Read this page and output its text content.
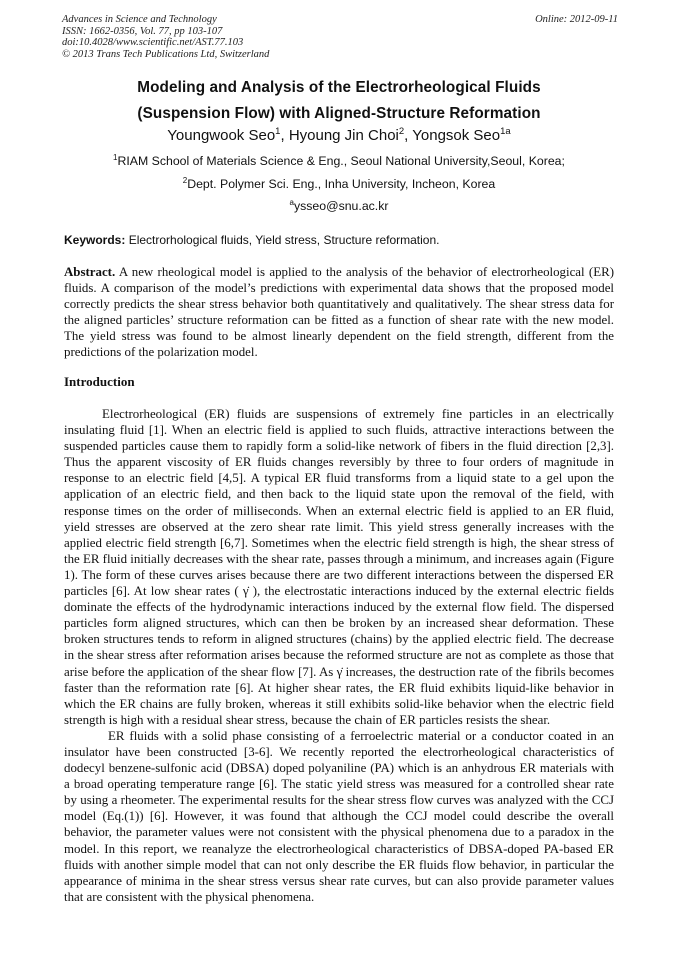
Advances in Science and Technology
ISSN: 1662-0356, Vol. 77, pp 103-107
doi:10.4028/www.scientific.net/AST.77.103
© 2013 Trans Tech Publications Ltd, Switzerland
Online: 2012-09-11
Modeling and Analysis of the Electrorheological Fluids
(Suspension Flow) with Aligned-Structure Reformation
Youngwook Seo$^1$, Hyoung Jin Choi$^2$, Yongsok Seo$^{1a}$
$^1$RIAM School of Materials Science & Eng., Seoul National University,Seoul, Korea;
$^2$Dept. Polymer Sci. Eng., Inha University, Incheon, Korea
$^a$ysseo@snu.ac.kr
Keywords: Electrorhological fluids, Yield stress, Structure reformation.
Abstract. A new rheological model is applied to the analysis of the behavior of electrorheological (ER) fluids. A comparison of the model’s predictions with experimental data shows that the proposed model correctly predicts the shear stress behavior both quantitatively and qualitatively. The shear stress data for the aligned particles’ structure reformation can be fitted as a function of shear rate with the new model. The yield stress was found to be almost linearly dependent on the field strength, different from the predictions of the polarization model.
Introduction

Electrorheological (ER) fluids are suspensions of extremely fine particles in an electrically insulating fluid [1]. When an electric field is applied to such fluids, attractive interactions between the suspended particles cause them to rapidly form a solid-like network of fibers in the fluid direction [2,3]. Thus the apparent viscosity of ER fluids changes reversibly by three to four orders of magnitude in response to an electric field [4,5]. A typical ER fluid transforms from a liquid state to a gel upon the application of an electric field, and then back to the liquid state upon the removal of the field, with response times on the order of milliseconds. When an external electric field is applied to an ER fluid, yield stresses are observed at the zero shear rate limit. This yield stress generally increases with the applied electric field strength [6,7]. Sometimes when the electric field strength is high, the shear stress of the ER fluid initially decreases with the shear rate, passes through a minimum, and increases again (Figure 1). The form of these curves arises because there are two different interactions between the dispersed ER particles [6]. At low shear rates ( γ̇ ), the electrostatic interactions induced by the external electric fields dominate the effects of the hydrodynamic interactions induced by the external flow field. The dispersed particles form aligned structures, which can then be broken by an increased shear deformation. These broken structures tends to reform in aligned structures (chains) by the applied electric field. The decrease in the shear stress after reformation arises because the reformed structure are not as complete as those that arise before the application of the shear flow [7]. As γ̇ increases, the destruction rate of the fibrils becomes faster than the reformation rate [6]. At higher shear rates, the ER fluid exhibits liquid-like behavior in which the ER chains are fully broken, whereas it still exhibits solid-like behavior when the electric field strength is high with a residual shear stress, because the chain of ER particles resists the shear.

ER fluids with a solid phase consisting of a ferroelectric material or a conductor coated in an insulator have been constructed [3-6]. We recently reported the electrorheological characteristics of dodecyl benzene-sulfonic acid (DBSA) doped polyaniline (PA) which is an anhydrous ER materials with a broad operating temperature range [6]. The static yield stress was measured for a controlled shear rate by using a rheometer. The experimental results for the shear stress flow curves was analyzed with the CCJ model (Eq.(1)) [6]. However, it was found that although the CCJ model could describe the overall behavior, the parameter values were not consistent with the physical phenomena due to a paradox in the model. In this report, we reanalyze the electrorheological characteristics of DBSA-doped PA-based ER fluids with another simple model that can not only describe the ER fluids flow behavior, in particular the appearance of minima in the shear stress versus shear rate curves, but can also provide parameter values that are consistent with the physical phenomena.
